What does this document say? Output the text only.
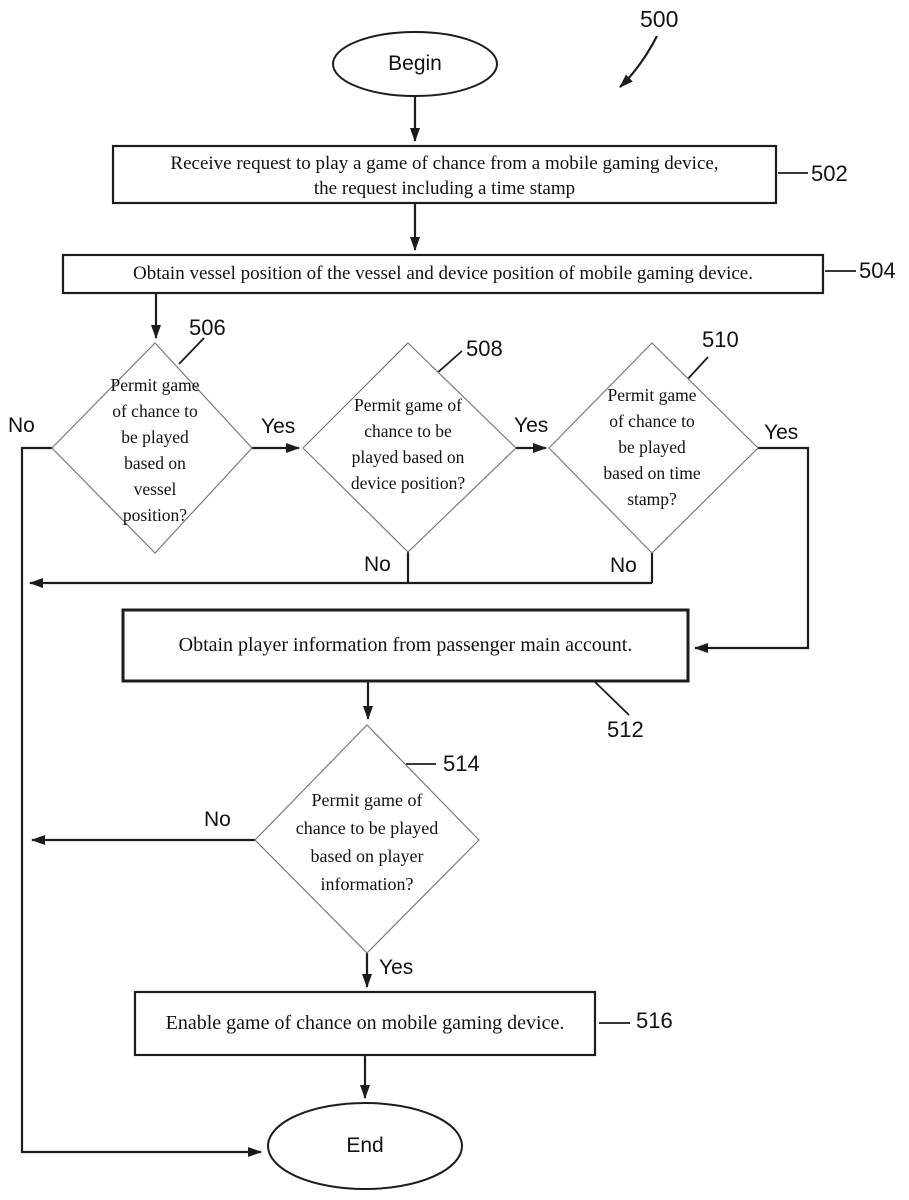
500
Begin
End
Receive request to play a game of chance from a mobile gaming device,
the request including a time stamp
502
Obtain vessel position of the vessel and device position of mobile gaming device.	504
Permit game of chance to be played based on vessel position?
506
Permit game of chance to be played based on device position?
508
Permit game of chance to be played based on time stamp?
510
Obtain player information from passenger main account.
512
Permit game of chance to be played based on player information?
514
Enable game of chance on mobile gaming device.	516
No	Yes
No
Yes
No
Yes
No
Yes
